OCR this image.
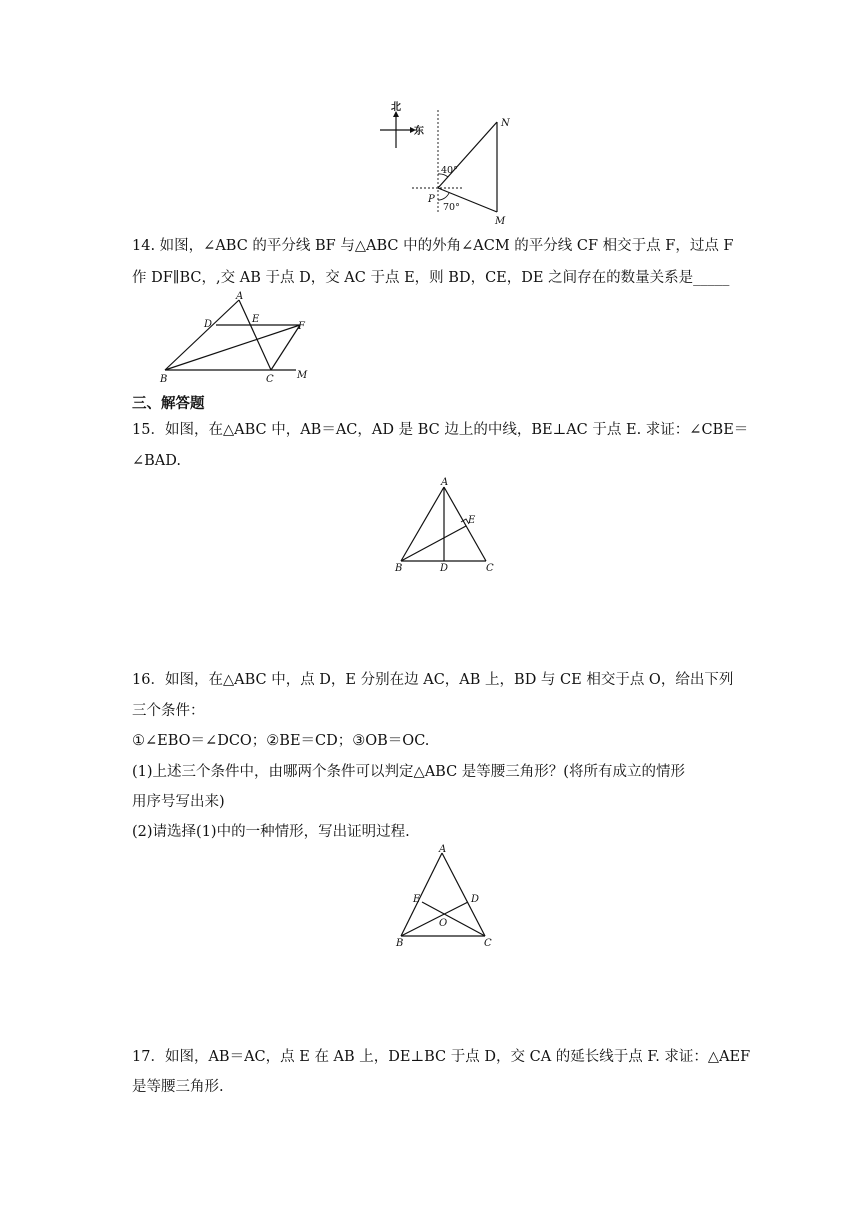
北
东
40°
70°
N
P
M
A
D	E
F
B	C M
A
E
B	D	C
A
E	D
O
B	C
14. 如图，∠ABC 的平分线 BF 与△ABC 中的外角∠ACM 的平分线 CF 相交于点 F，过点 F
作 DF∥BC，,交 AB 于点 D，交 AC 于点 E，则 BD，CE，DE 之间存在的数量关系是_____
三、解答题
15．如图，在△ABC 中，AB＝AC，AD 是 BC 边上的中线，BE⊥AC 于点 E. 求证：∠CBE＝
∠BAD.
16．如图，在△ABC 中，点 D，E 分别在边 AC，AB 上，BD 与 CE 相交于点 O，给出下列
三个条件：
①∠EBO＝∠DCO；②BE＝CD；③OB＝OC.
(1)上述三个条件中，由哪两个条件可以判定△ABC 是等腰三角形？(将所有成立的情形
用序号写出来)
(2)请选择(1)中的一种情形，写出证明过程.
17．如图，AB＝AC，点 E 在 AB 上，DE⊥BC 于点 D，交 CA 的延长线于点 F. 求证：△AEF
是等腰三角形.
